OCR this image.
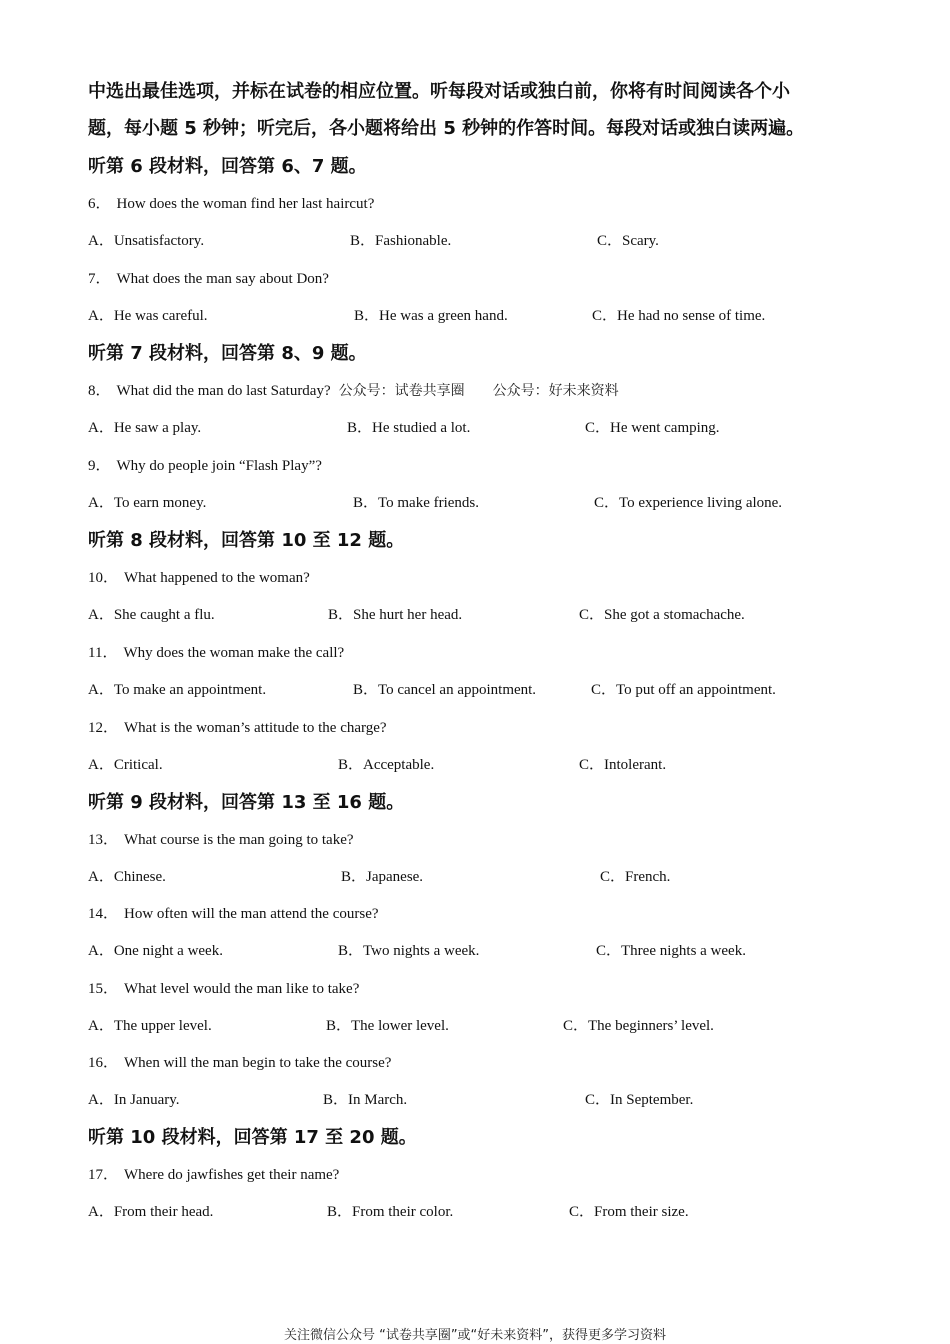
中选出最佳选项，并标在试卷的相应位置。听每段对话或独白前，你将有时间阅读各个小
题，每小题 5 秒钟；听完后，各小题将给出 5 秒钟的作答时间。每段对话或独白读两遍。
听第 6 段材料，回答第 6、7 题。
6． How does the woman find her last haircut?
A．Unsatisfactory.	B．Fashionable.	C．Scary.
7． What does the man say about Don?
A．He was careful.	B．He was a green hand.	C．He had no sense of time.
听第 7 段材料，回答第 8、9 题。
8． What did the man do last Saturday? 公众号：试卷共享圈　　公众号：好未来资料
A．He saw a play.	B．He studied a lot.	C．He went camping.
9． Why do people join “Flash Play”?
A．To earn money.	B．To make friends.	C．To experience living alone.
听第 8 段材料，回答第 10 至 12 题。
10． What happened to the woman?
A．She caught a flu.	B．She hurt her head.	C．She got a stomachache.
11． Why does the woman make the call?
A．To make an appointment.	B．To cancel an appointment.	C．To put off an appointment.
12． What is the woman’s attitude to the charge?
A．Critical.	B．Acceptable.	C．Intolerant.
听第 9 段材料，回答第 13 至 16 题。
13． What course is the man going to take?
A．Chinese.	B．Japanese.	C．French.
14． How often will the man attend the course?
A．One night a week.	B．Two nights a week.	C．Three nights a week.
15． What level would the man like to take?
A．The upper level.	B．The lower level.	C．The beginners’ level.
16． When will the man begin to take the course?
A．In January.	B．In March.	C．In September.
听第 10 段材料，回答第 17 至 20 题。
17． Where do jawfishes get their name?
A．From their head.	B．From their color.	C．From their size.
关注微信公众号 “试卷共享圈”或“好未来资料”，获得更多学习资料
